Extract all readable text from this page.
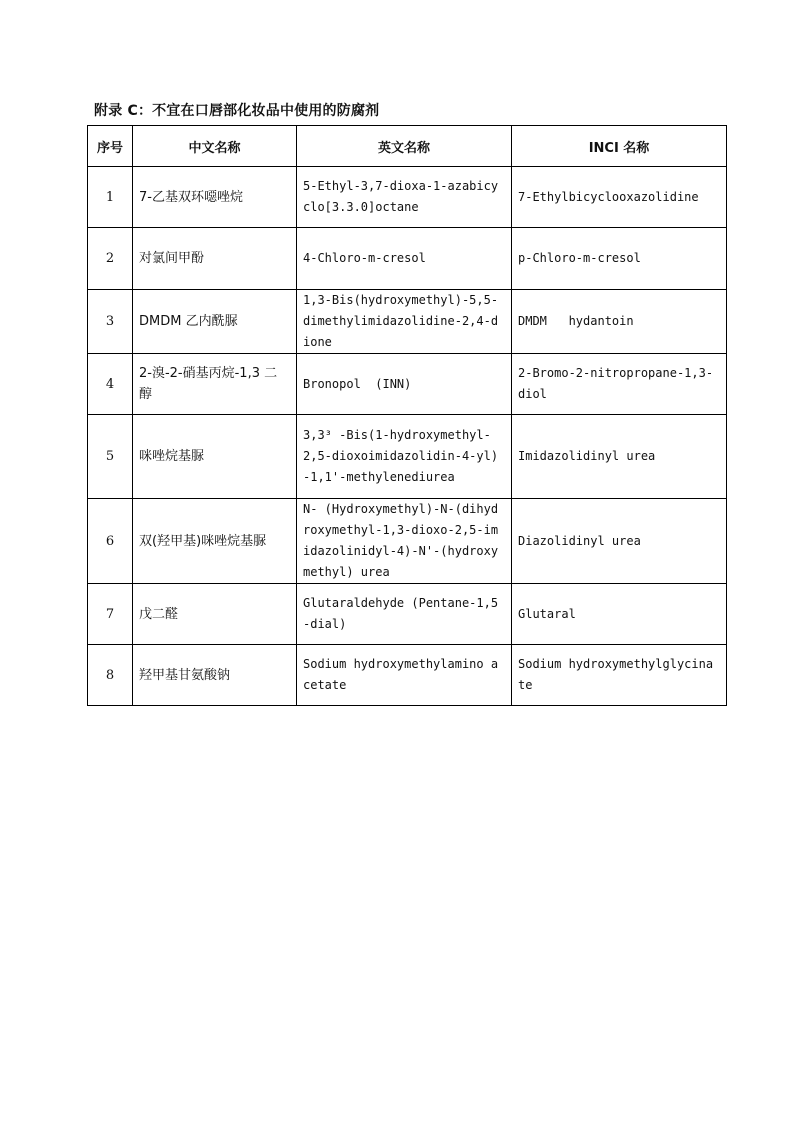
附录 C：不宜在口唇部化妆品中使用的防腐剂
序号	中文名称	英文名称	INCI 名称
1	7-乙基双环噁唑烷	5-Ethyl-3,7-dioxa-1-azabicyclo[3.3.0]octane	7-Ethylbicyclooxazolidine
2	对氯间甲酚	4-Chloro-m-cresol	p-Chloro-m-cresol
3	DMDM 乙内酰脲	1,3-Bis(hydroxymethyl)-5,5-dimethylimidazolidine-2,4-dione	DMDM   hydantoin
4	2-溴-2-硝基丙烷-1,3 二醇	Bronopol  (INN)	2-Bromo-2-nitropropane-1,3-diol
5	咪唑烷基脲	3,3³ -Bis(1-hydroxymethyl-2,5-dioxoimidazolidin-4-yl)-1,1'-methylenediurea	Imidazolidinyl urea
6	双(羟甲基)咪唑烷基脲	N- (Hydroxymethyl)-N-(dihydroxymethyl-1,3-dioxo-2,5-imidazolinidyl-4)-N'-(hydroxymethyl) urea	Diazolidinyl urea
7	戊二醛	Glutaraldehyde (Pentane-1,5-dial)	Glutaral
8	羟甲基甘氨酸钠	Sodium hydroxymethylamino acetate	Sodium hydroxymethylglycinate
